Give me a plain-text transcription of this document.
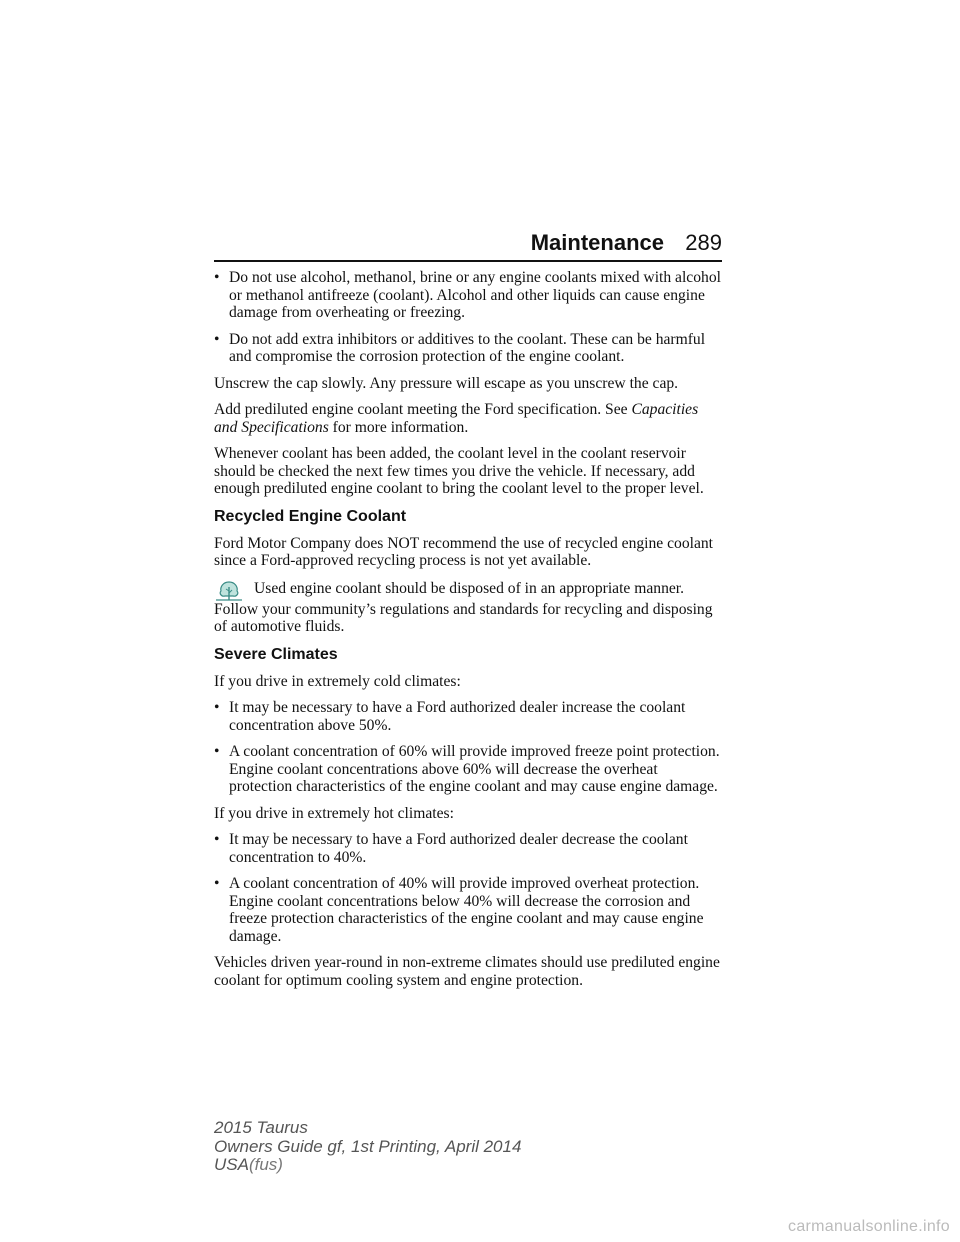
Maintenance 289
• Do not use alcohol, methanol, brine or any engine coolants mixed with alcohol or methanol antifreeze (coolant). Alcohol and other liquids can cause engine damage from overheating or freezing.
• Do not add extra inhibitors or additives to the coolant. These can be harmful and compromise the corrosion protection of the engine coolant.

Unscrew the cap slowly. Any pressure will escape as you unscrew the cap.

Add prediluted engine coolant meeting the Ford specification. See Capacities and Specifications for more information.

Whenever coolant has been added, the coolant level in the coolant reservoir should be checked the next few times you drive the vehicle. If necessary, add enough prediluted engine coolant to bring the coolant level to the proper level.

Recycled Engine Coolant

Ford Motor Company does NOT recommend the use of recycled engine coolant since a Ford-approved recycling process is not yet available.

Used engine coolant should be disposed of in an appropriate manner. Follow your community’s regulations and standards for recycling and disposing of automotive fluids.

Severe Climates

If you drive in extremely cold climates:

• It may be necessary to have a Ford authorized dealer increase the coolant concentration above 50%.
• A coolant concentration of 60% will provide improved freeze point protection. Engine coolant concentrations above 60% will decrease the overheat protection characteristics of the engine coolant and may cause engine damage.

If you drive in extremely hot climates:

• It may be necessary to have a Ford authorized dealer decrease the coolant concentration to 40%.
• A coolant concentration of 40% will provide improved overheat protection. Engine coolant concentrations below 40% will decrease the corrosion and freeze protection characteristics of the engine coolant and may cause engine damage.

Vehicles driven year-round in non-extreme climates should use prediluted engine coolant for optimum cooling system and engine protection.

2015 Taurus
Owners Guide gf, 1st Printing, April 2014
USA(fus)
carmanualsonline.info
